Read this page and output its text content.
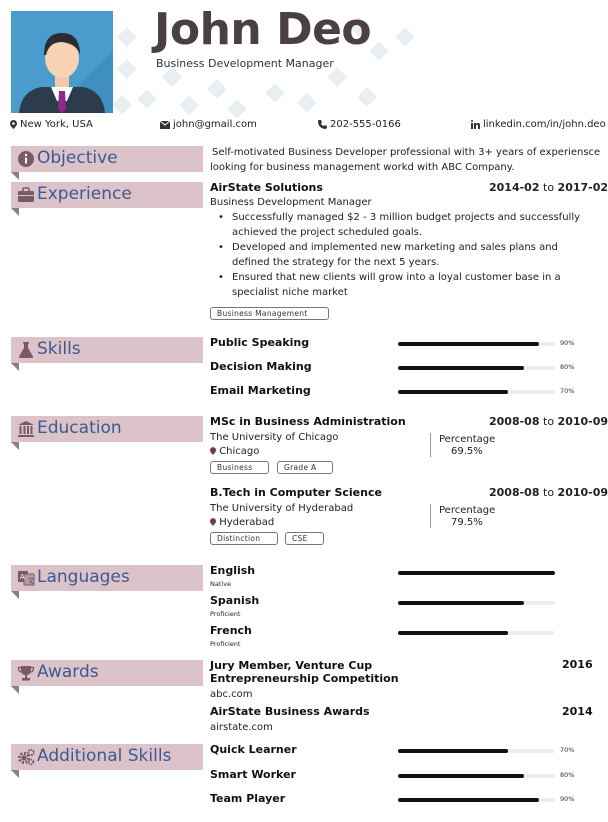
John Deo
Business Development Manager
New York, USA	john@gmail.com	202-555-0166	linkedin.com/in/john.deo
Objective	Self-motivated Business Developer professional with 3+ years of experiensce
looking for business management workd with ABC Company.
Experience	AirState Solutions	2014-02 to 2017-02
Business Development Manager
• Successfully managed $2 - 3 million budget projects and successfully achieved the project scheduled goals.
• Developed and implemented new marketing and sales plans and defined the strategy for the next 5 years.
• Ensured that new clients will grow into a loyal customer base in a specialist niche market
Business Management
Skills	Public Speaking	90%
Decision Making	80%
Email Marketing	70%
Education	MSc in Business Administration	2008-08 to 2010-09
The University of Chicago
Chicago
Percentage
69.5%
Business	Grade A
B.Tech in Computer Science	2008-08 to 2010-09
The University of Hyderabad
Hyderabad
Percentage
79.5%
Distinction	CSE
A 文 Languages	English
Native
Spanish
Proficient
French
Proficient
Awards	Jury Member, Venture Cup
Entrepreneurship Competition
2016
abc.com
AirState Business Awards	2014
airstate.com
Additional Skills	Quick Learner	70%
Smart Worker	80%
Team Player	90%
